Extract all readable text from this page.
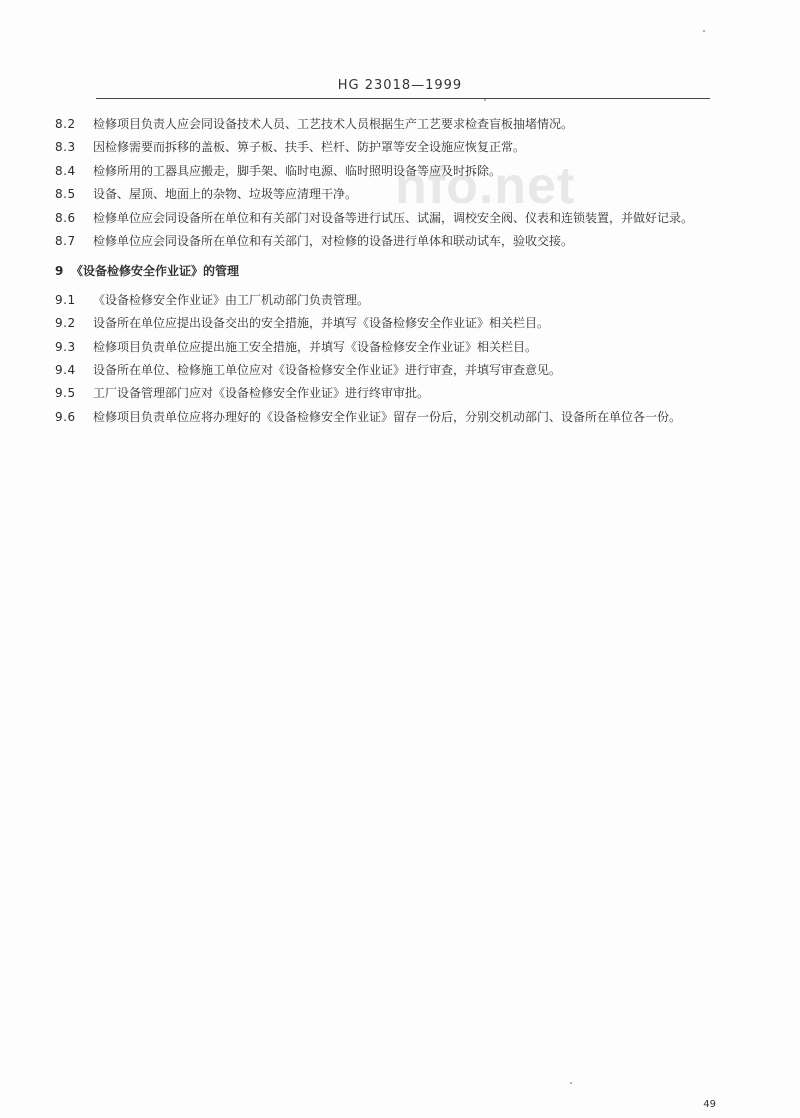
nfo.net
HG 23018—1999
8.2	检修项目负责人应会同设备技术人员、工艺技术人员根据生产工艺要求检查盲板抽堵情况。
8.3	因检修需要而拆移的盖板、箅子板、扶手、栏杆、防护罩等安全设施应恢复正常。
8.4	检修所用的工器具应搬走，脚手架、临时电源、临时照明设备等应及时拆除。
8.5	设备、屋顶、地面上的杂物、垃圾等应清理干净。
8.6 检修单位应会同设备所在单位和有关部门对设备等进行试压、试漏，调校安全阀、仪表和连锁装置，并做好记录。
8.7	检修单位应会同设备所在单位和有关部门，对检修的设备进行单体和联动试车，验收交接。
9 《设备检修安全作业证》的管理
9.1	《设备检修安全作业证》由工厂机动部门负责管理。
9.2	设备所在单位应提出设备交出的安全措施，并填写《设备检修安全作业证》相关栏目。
9.3	检修项目负责单位应提出施工安全措施，并填写《设备检修安全作业证》相关栏目。
9.4	设备所在单位、检修施工单位应对《设备检修安全作业证》进行审查，并填写审查意见。
9.5	工厂设备管理部门应对《设备检修安全作业证》进行终审审批。
9.6 检修项目负责单位应将办理好的《设备检修安全作业证》留存一份后，分别交机动部门、设备所在单位各一份。
49
